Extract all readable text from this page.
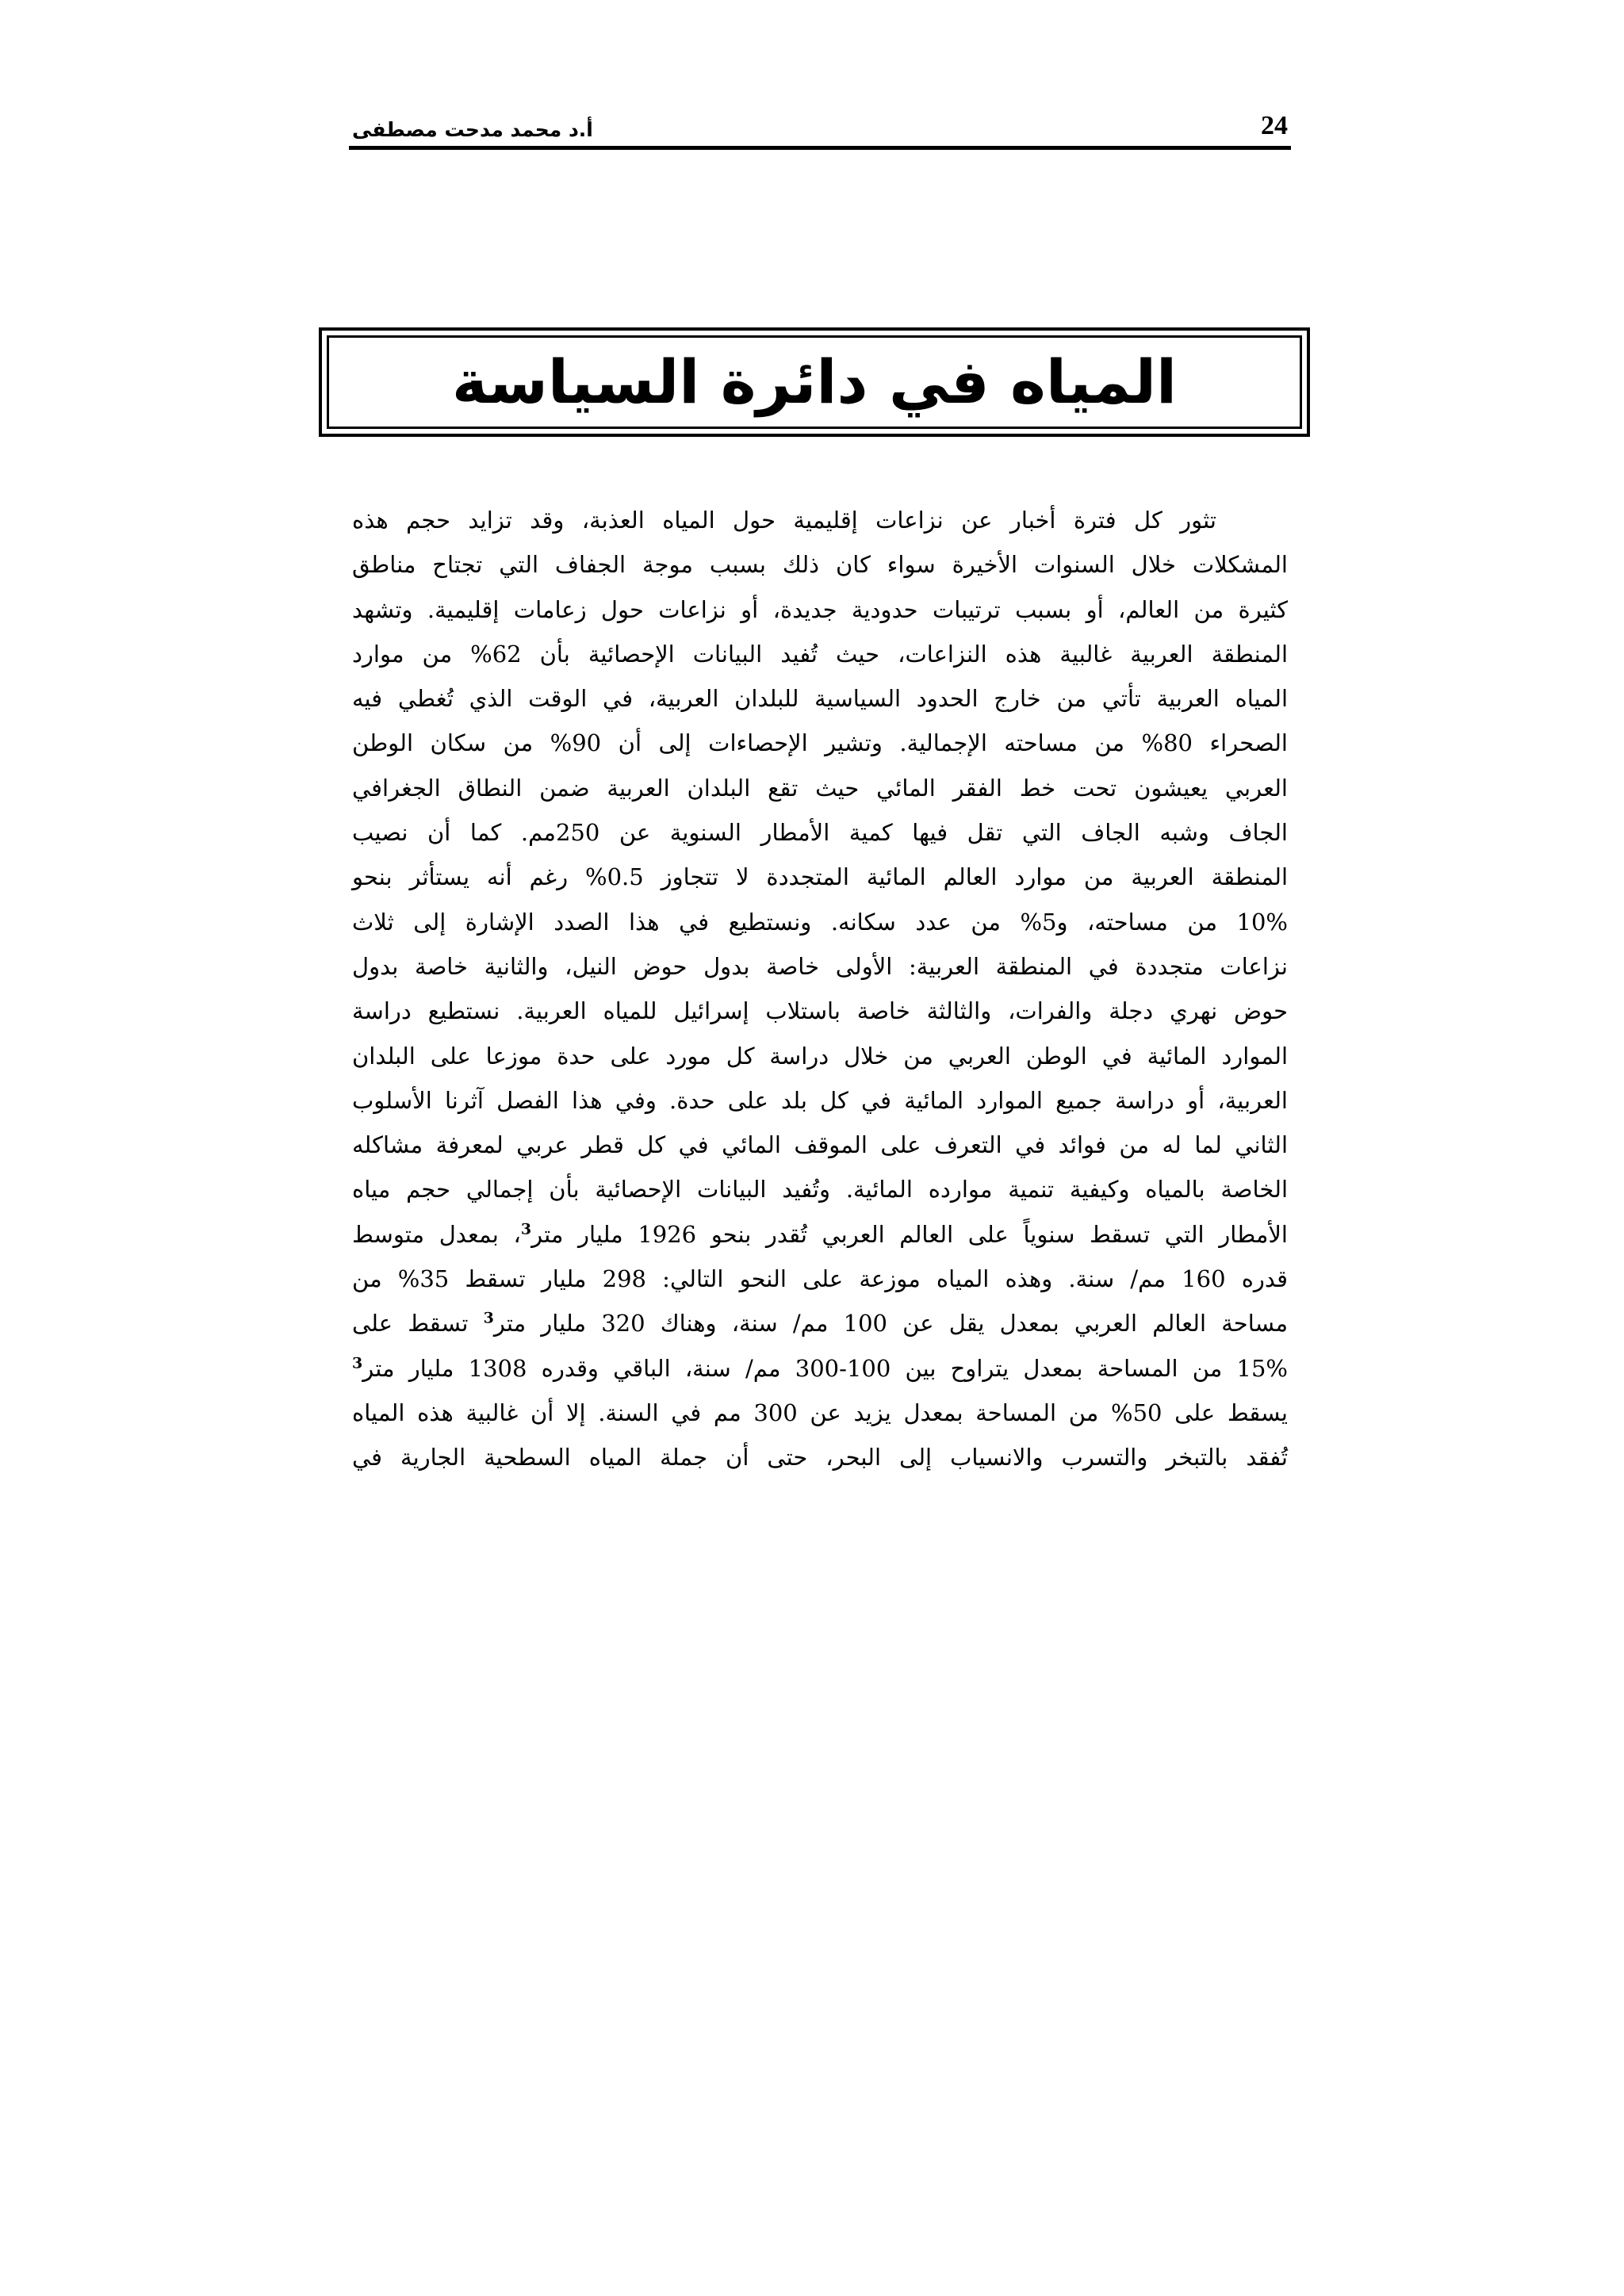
24
أ.د محمد مدحت مصطفى
المياه في دائرة السياسة
تثور كل فترة أخبار عن نزاعات إقليمية حول المياه العذبة، وقد تزايد حجم هذه
المشكلات خلال السنوات الأخيرة سواء كان ذلك بسبب موجة الجفاف التي تجتاح مناطق
كثيرة من العالم، أو بسبب ترتيبات حدودية جديدة، أو نزاعات حول زعامات إقليمية. وتشهد
المنطقة العربية غالبية هذه النزاعات، حيث تُفيد البيانات الإحصائية بأن 62% من موارد
المياه العربية تأتي من خارج الحدود السياسية للبلدان العربية، في الوقت الذي تُغطي فيه
الصحراء 80% من مساحته الإجمالية. وتشير الإحصاءات إلى أن 90% من سكان الوطن
العربي يعيشون تحت خط الفقر المائي حيث تقع البلدان العربية ضمن النطاق الجغرافي
الجاف وشبه الجاف التي تقل فيها كمية الأمطار السنوية عن 250مم. كما أن نصيب
المنطقة العربية من موارد العالم المائية المتجددة لا تتجاوز 0.5% رغم أنه يستأثر بنحو
10% من مساحته، و5% من عدد سكانه. ونستطيع في هذا الصدد الإشارة إلى ثلاث
نزاعات متجددة في المنطقة العربية: الأولى خاصة بدول حوض النيل، والثانية خاصة بدول
حوض نهري دجلة والفرات، والثالثة خاصة باستلاب إسرائيل للمياه العربية. نستطيع دراسة
الموارد المائية في الوطن العربي من خلال دراسة كل مورد على حدة موزعا على البلدان
العربية، أو دراسة جميع الموارد المائية في كل بلد على حدة. وفي هذا الفصل آثرنا الأسلوب
الثاني لما له من فوائد في التعرف على الموقف المائي في كل قطر عربي لمعرفة مشاكله
الخاصة بالمياه وكيفية تنمية موارده المائية. وتُفيد البيانات الإحصائية بأن إجمالي حجم مياه
الأمطار التي تسقط سنوياً على العالم العربي تُقدر بنحو 1926 مليار متر$^3$، بمعدل متوسط
قدره 160 مم/ سنة. وهذه المياه موزعة على النحو التالي: 298 مليار تسقط 35% من
مساحة العالم العربي بمعدل يقل عن 100 مم/ سنة، وهناك 320 مليار متر$^3$ تسقط على
15% من المساحة بمعدل يتراوح بين 100-300 مم/ سنة، الباقي وقدره 1308 مليار متر$^3$
يسقط على 50% من المساحة بمعدل يزيد عن 300 مم في السنة. إلا أن غالبية هذه المياه
تُفقد بالتبخر والتسرب والانسياب إلى البحر، حتى أن جملة المياه السطحية الجارية في
